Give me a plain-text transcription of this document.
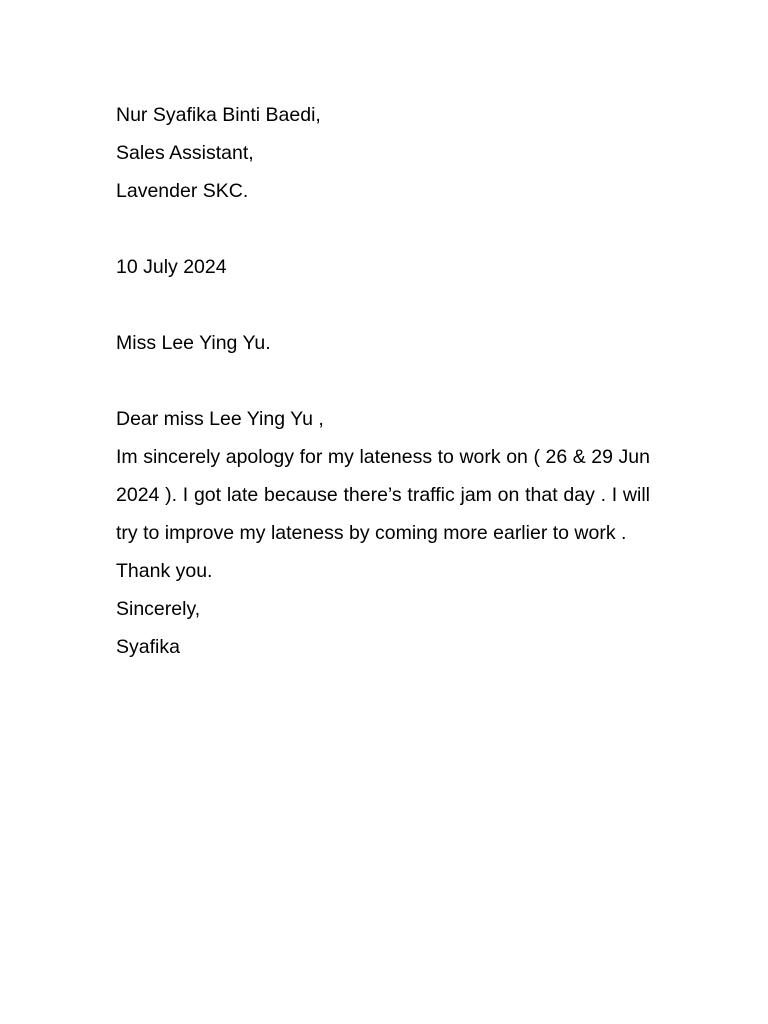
Nur Syafika Binti Baedi,
Sales Assistant,
Lavender SKC.
10 July 2024
Miss Lee Ying Yu.
Dear miss Lee Ying Yu ,
Im sincerely apology for my lateness to work on ( 26 & 29 Jun 2024 ). I got late because there’s traffic jam on that day . I will try to improve my lateness by coming more earlier to work .
Thank you.
Sincerely,
Syafika
